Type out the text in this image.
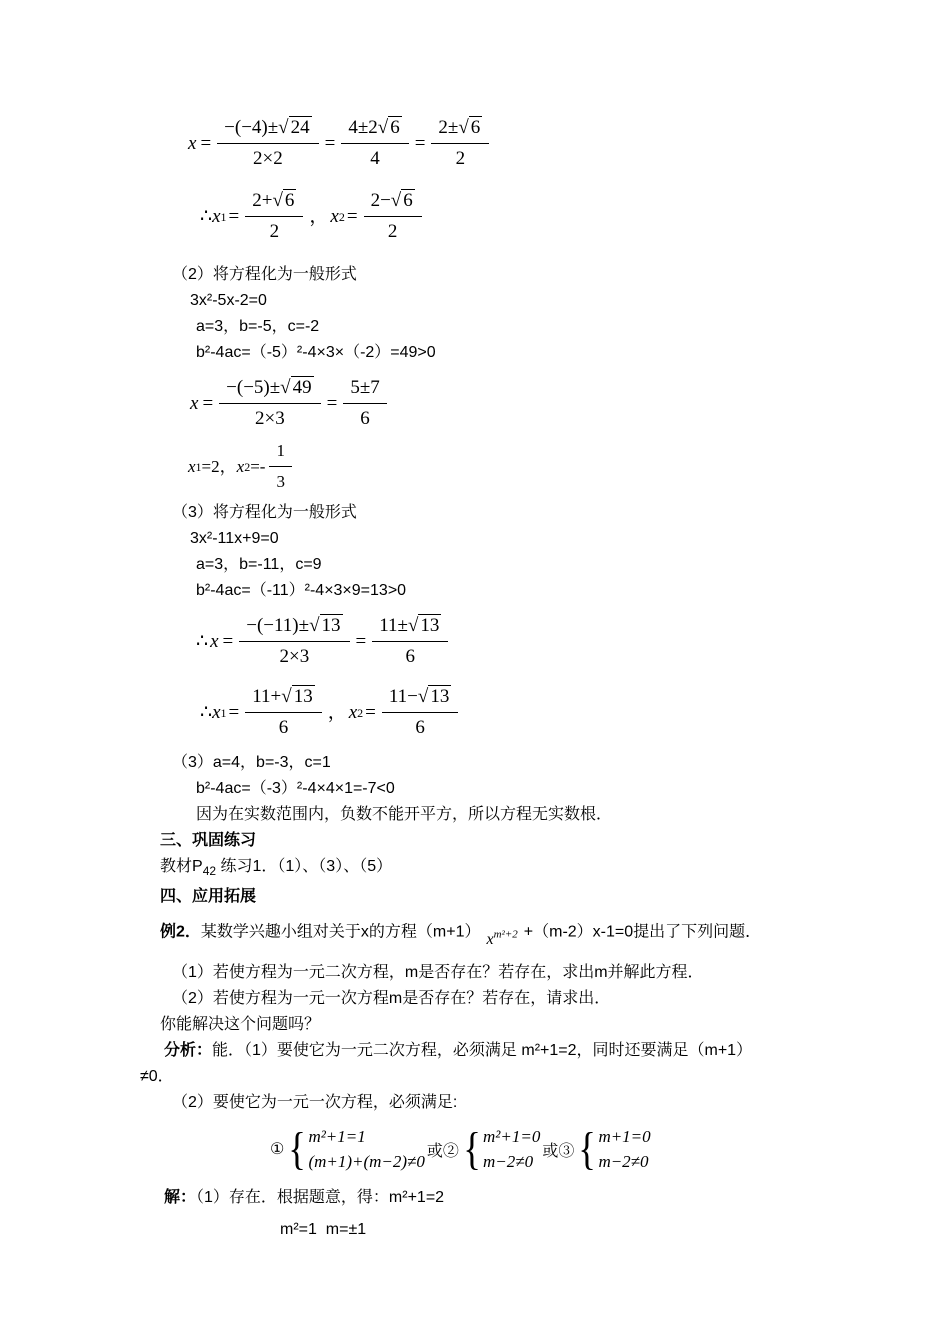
$x = \frac{-(-4)\pm √ 24}{2\times 2} = \frac{4\pm 2 √ 6}{4} = \frac{2\pm √ 6}{2}$
∴ x $1 = \frac{2+ √ 6}{2}$ ， x $2 = \frac{2- √ 6}{2}$
（2）将方程化为一般形式
3x²-5x-2=0
a=3，b=-5，c=-2
b²-4ac=（-5）²-4×3×（-2）=49>0
$x = \frac{-(-5)\pm √ 49}{2\times 3} = \frac{5\pm 7}{6}$
x 1 =2， x $2 =- \frac{1}{3}$
（3）将方程化为一般形式
3x²-11x+9=0
a=3，b=-11，c=9
b²-4ac=（-11）²-4×3×9=13>0
∴ $x = \frac{-(-11)\pm √ 13}{2\times 3} = \frac{11\pm √ 13}{6}$
∴ x $1 = \frac{11+ √ 13}{6}$ ， x $2 = \frac{11- √ 13}{6}$
（3）a=4，b=-3，c=1
b²-4ac=（-3）²-4×4×1=-7<0
因为在实数范围内，负数不能开平方，所以方程无实数根．
三、巩固练习
教材$P_{42}$ 练习1．（1）、（3）、（5）
四、应用拓展
例2．某数学兴趣小组对关于x的方程（m+1） $x^{m^2+2} +(m-2)x-1=0$提出了下列问题．
（1）若使方程为一元二次方程，m是否存在？若存在，求出m并解此方程．
（2）若使方程为一元一次方程m是否存在？若存在，请求出．
你能解决这个问题吗？
分析：能．（1）要使它为一元二次方程，必须满足 m²+1=2，同时还要满足（m+1）
≠0．
（2）要使它为一元一次方程，必须满足:
① { m²+1=1
(m+1)+(m−2)≠0
或② { m²+1=0
m−2≠0
或③ { m+1=0
m−2≠0
解：（1）存在．根据题意，得：m²+1=2
m²=1  m=±1
